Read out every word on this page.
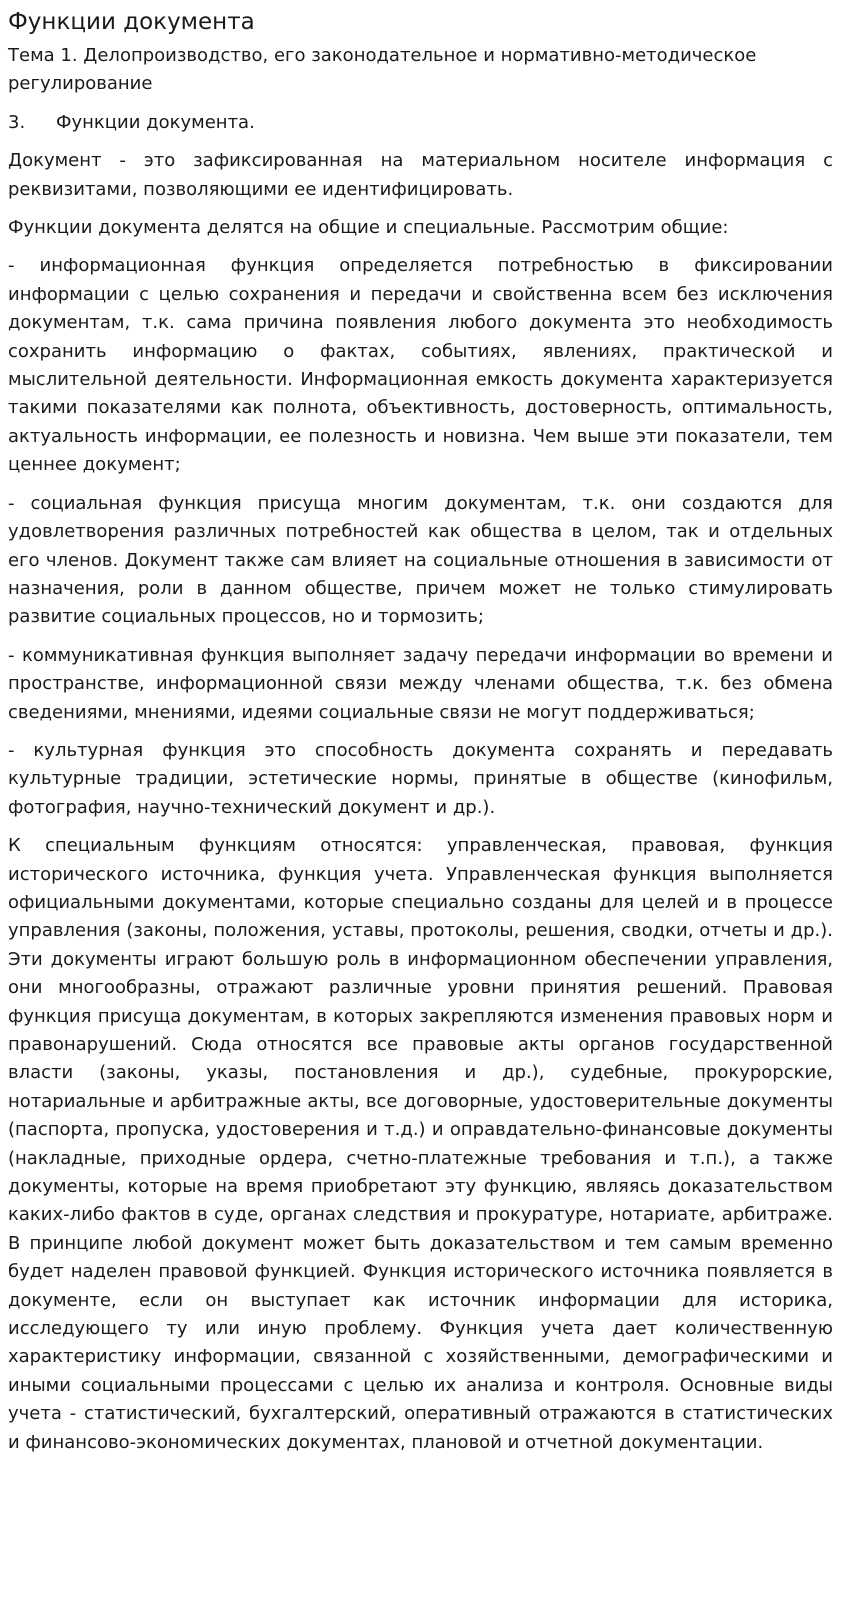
Функции документа

Тема 1. Делопроизводство, его законодательное и нормативно-методическое регулирование

3. Функции документа.

Документ - это зафиксированная на материальном носителе информация с реквизитами, позволяющими ее идентифицировать.

Функции документа делятся на общие и специальные. Рассмотрим общие:

- информационная функция определяется потребностью в фиксировании информации с целью сохранения и передачи и свойственна всем без исключения документам, т.к. сама причина появления любого документа это необходимость сохранить информацию о фактах, событиях, явлениях, практической и мыслительной деятельности. Информационная емкость документа характеризуется такими показателями как полнота, объективность, достоверность, оптимальность, актуальность информации, ее полезность и новизна. Чем выше эти показатели, тем ценнее документ;

- социальная функция присуща многим документам, т.к. они создаются для удовлетворения различных потребностей как общества в целом, так и отдельных его членов. Документ также сам влияет на социальные отношения в зависимости от назначения, роли в данном обществе, причем может не только стимулировать развитие социальных процессов, но и тормозить;

- коммуникативная функция выполняет задачу передачи информации во времени и пространстве, информационной связи между членами общества, т.к. без обмена сведениями, мнениями, идеями социальные связи не могут поддерживаться;

- культурная функция это способность документа сохранять и передавать культурные традиции, эстетические нормы, принятые в обществе (кинофильм, фотография, научно-технический документ и др.).

К специальным функциям относятся: управленческая, правовая, функция исторического источника, функция учета. Управленческая функция выполняется официальными документами, которые специально созданы для целей и в процессе управления (законы, положения, уставы, протоколы, решения, сводки, отчеты и др.). Эти документы играют большую роль в информационном обеспечении управления, они многообразны, отражают различные уровни принятия решений. Правовая функция присуща документам, в которых закрепляются изменения правовых норм и правонарушений. Сюда относятся все правовые акты органов государственной власти (законы, указы, постановления и др.), судебные, прокурорские, нотариальные и арбитражные акты, все договорные, удостоверительные документы (паспорта, пропуска, удостоверения и т.д.) и оправдательно-финансовые документы (накладные, приходные ордера, счетно-платежные требования и т.п.), а также документы, которые на время приобретают эту функцию, являясь доказательством каких-либо фактов в суде, органах следствия и прокуратуре, нотариате, арбитраже. В принципе любой документ может быть доказательством и тем самым временно будет наделен правовой функцией. Функция исторического источника появляется в документе, если он выступает как источник информации для историка, исследующего ту или иную проблему. Функция учета дает количественную характеристику информации, связанной с хозяйственными, демографическими и иными социальными процессами с целью их анализа и контроля. Основные виды учета - статистический, бухгалтерский, оперативный отражаются в статистических и финансово-экономических документах, плановой и отчетной документации.
